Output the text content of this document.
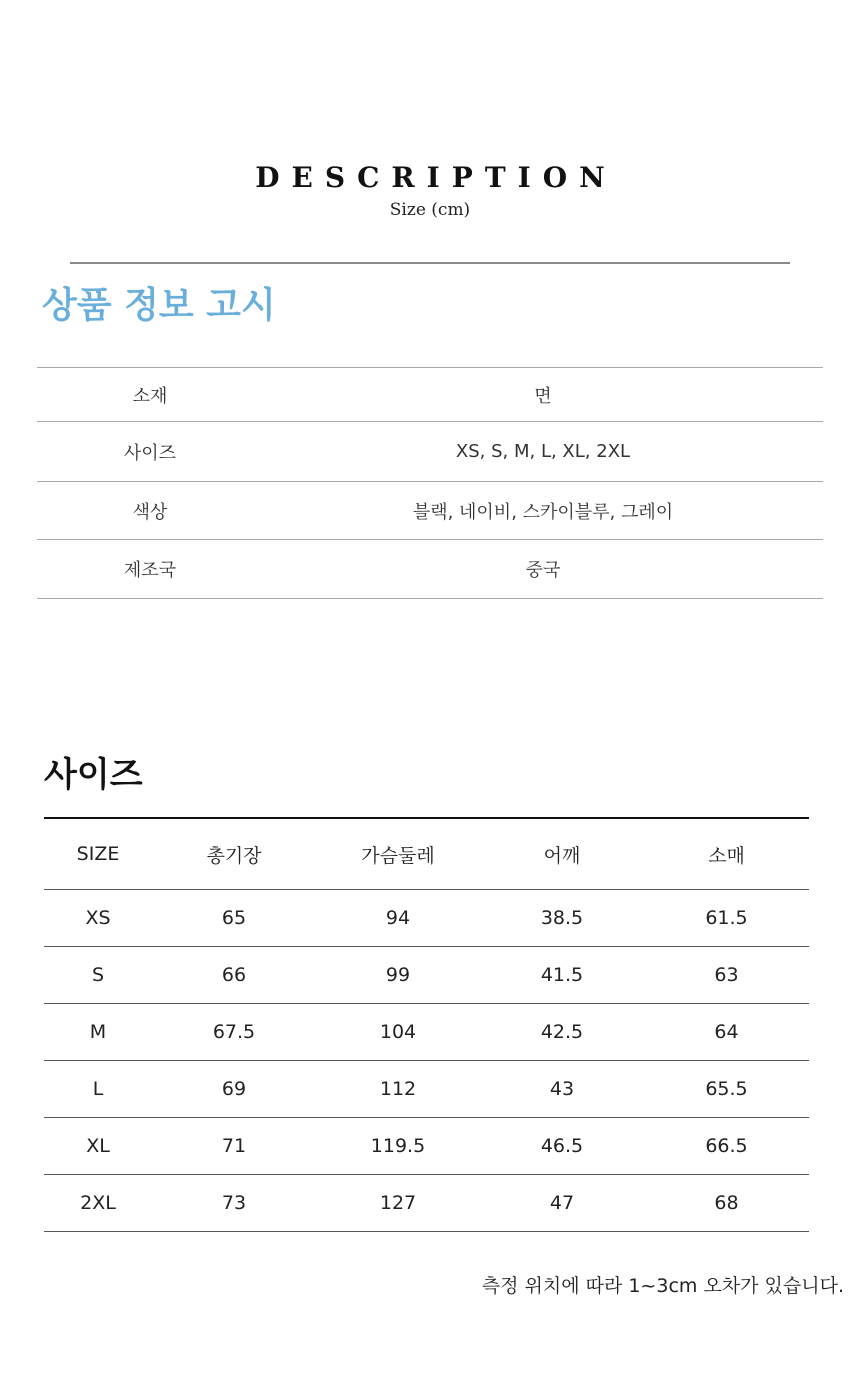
DESCRIPTION
Size (cm)
상품 정보 고시
소재	면
사이즈	XS, S, M, L, XL, 2XL
색상	블랙, 네이비, 스카이블루, 그레이
제조국	중국
사이즈
SIZE	총기장	가슴둘레	어깨	소매
XS	65	94	38.5	61.5
S	66	99	41.5	63
M	67.5	104	42.5	64
L	69	112	43	65.5
XL	71	119.5	46.5	66.5
2XL	73	127	47	68
측정 위치에 따라 1~3cm 오차가 있습니다.
